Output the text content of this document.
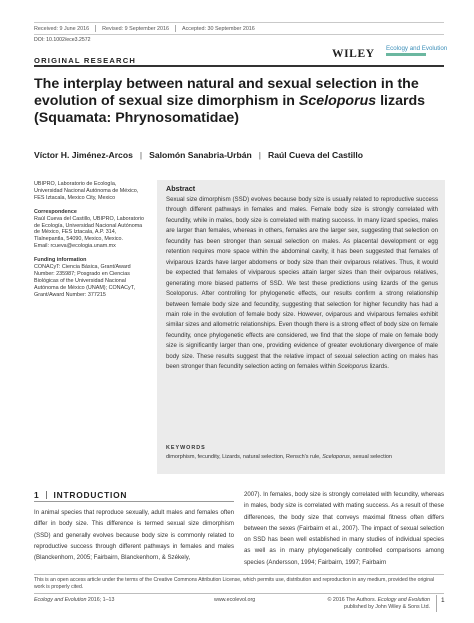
Received: 9 June 2016	Revised: 9 September 2016	Accepted: 30 September 2016
DOI: 10.1002/ece3.2572
ORIGINAL RESEARCH
WILEY Ecology and Evolution
The interplay between natural and sexual selection in the evolution of sexual size dimorphism in Sceloporus lizards (Squamata: Phrynosomatidae)
Víctor H. Jiménez-Arcos | Salomón Sanabria-Urbán | Raúl Cueva del Castillo
UBIPRO, Laboratorio de Ecología, Universidad Nacional Autónoma de México, FES Iztacala, Mexico City, Mexico
Correspondence
Raúl Cueva del Castillo, UBIPRO, Laboratorio de Ecología, Universidad Nacional Autónoma de México, FES Iztacala, A.P. 314, Tlalnepantla, 54090, Mexico, Mexico.
Email: rcueva@ecologia.unam.mx
Funding information
CONACyT: Ciencia Básica, Grant/Award Number: 235987; Posgrado en Ciencias Biológicas of the Universidad Nacional Autónoma de México (UNAM); CONACyT, Grant/Award Number: 377215
Abstract
Sexual size dimorphism (SSD) evolves because body size is usually related to reproductive success through different pathways in females and males. Female body size is strongly correlated with fecundity, while in males, body size is correlated with mating success. In many lizard species, males are larger than females, whereas in others, females are the larger sex, suggesting that selection on fecundity has been stronger than sexual selection on males. As placental development or egg retention requires more space within the abdominal cavity, it has been suggested that females of viviparous lizards have larger abdomens or body size than their oviparous relatives. Thus, it would be expected that females of viviparous species attain larger sizes than their oviparous relatives, generating more biased patterns of SSD. We test these predictions using lizards of the genus Sceloporus. After controlling for phylogenetic effects, our results confirm a strong relationship between female body size and fecundity, suggesting that selection for higher fecundity has had a main role in the evolution of female body size. However, oviparous and viviparous females exhibit similar sizes and allometric relationships. Even though there is a strong effect of body size on female fecundity, once phylogenetic effects are considered, we find that the slope of male on female body size is significantly larger than one, providing evidence of greater evolutionary divergence of male body size. These results suggest that the relative impact of sexual selection acting on males has been stronger than fecundity selection acting on females within Sceloporus lizards.
KEYWORDS
dimorphism, fecundity, Lizards, natural selection, Rensch's rule, Sceloporus, sexual selection
1 INTRODUCTION
In animal species that reproduce sexually, adult males and females often differ in body size. This difference is termed sexual size dimorphism (SSD) and generally evolves because body size is commonly related to reproductive success through different pathways in females and males (Blanckenhorn, 2005; Fairbairn, Blanckenhorn, & Székely,
2007). In females, body size is strongly correlated with fecundity, whereas in males, body size is correlated with mating success. As a result of these differences, the body size that conveys maximal fitness often differs between the sexes (Fairbairn et al., 2007). The impact of sexual selection on SSD has been well established in many studies of individual species as well as in many phylogenetically controlled comparisons among species (Andersson, 1994; Fairbairn, 1997; Fairbairn
This is an open access article under the terms of the Creative Commons Attribution License, which permits use, distribution and reproduction in any medium, provided the original work is properly cited.
Ecology and Evolution 2016; 1–13	www.ecolevol.org	© 2016 The Authors. Ecology and Evolution
published by John Wiley & Sons Ltd.
1
